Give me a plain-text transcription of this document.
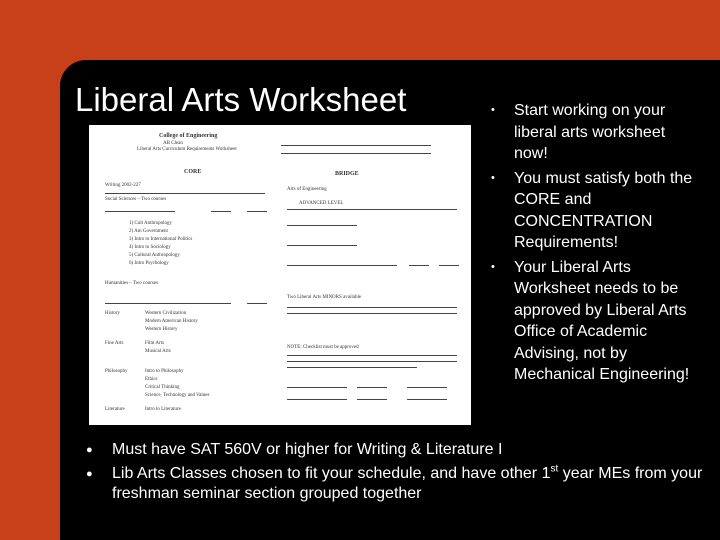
Liberal Arts Worksheet
College of Engineering
AB Clean
Liberal Arts Curriculum Requirements Worksheet
CORE	BRIDGE
Writing 2002-227
Arts of Engineering
Social Sciences – Two courses
ADVANCED LEVEL
1) Cult Anthropology
2) Am Government
3) Intro to International Politics
4) Intro to Sociology
5) Cultural Anthropology
6) Intro Psychology
Humanities – Two courses
Two Liberal Arts MINORS available
History	Western Civilization
Modern American History
Western History
Fine Arts	Film Arts
Musical Arts
Philosophy	Intro to Philosophy
Ethics
Critical Thinking
Science, Technology and Values
Literature	Intro to Literature
NOTE: Checklist must be approved
• Start working on your liberal arts worksheet now!
• You must satisfy both the CORE and CONCENTRATION Requirements!
• Your Liberal Arts Worksheet needs to be approved by Liberal Arts Office of Academic Advising, not by Mechanical Engineering!
● Must have SAT 560V or higher for Writing & Literature I
● Lib Arts Classes chosen to fit your schedule, and have other 1st year MEs from your freshman seminar section grouped together
